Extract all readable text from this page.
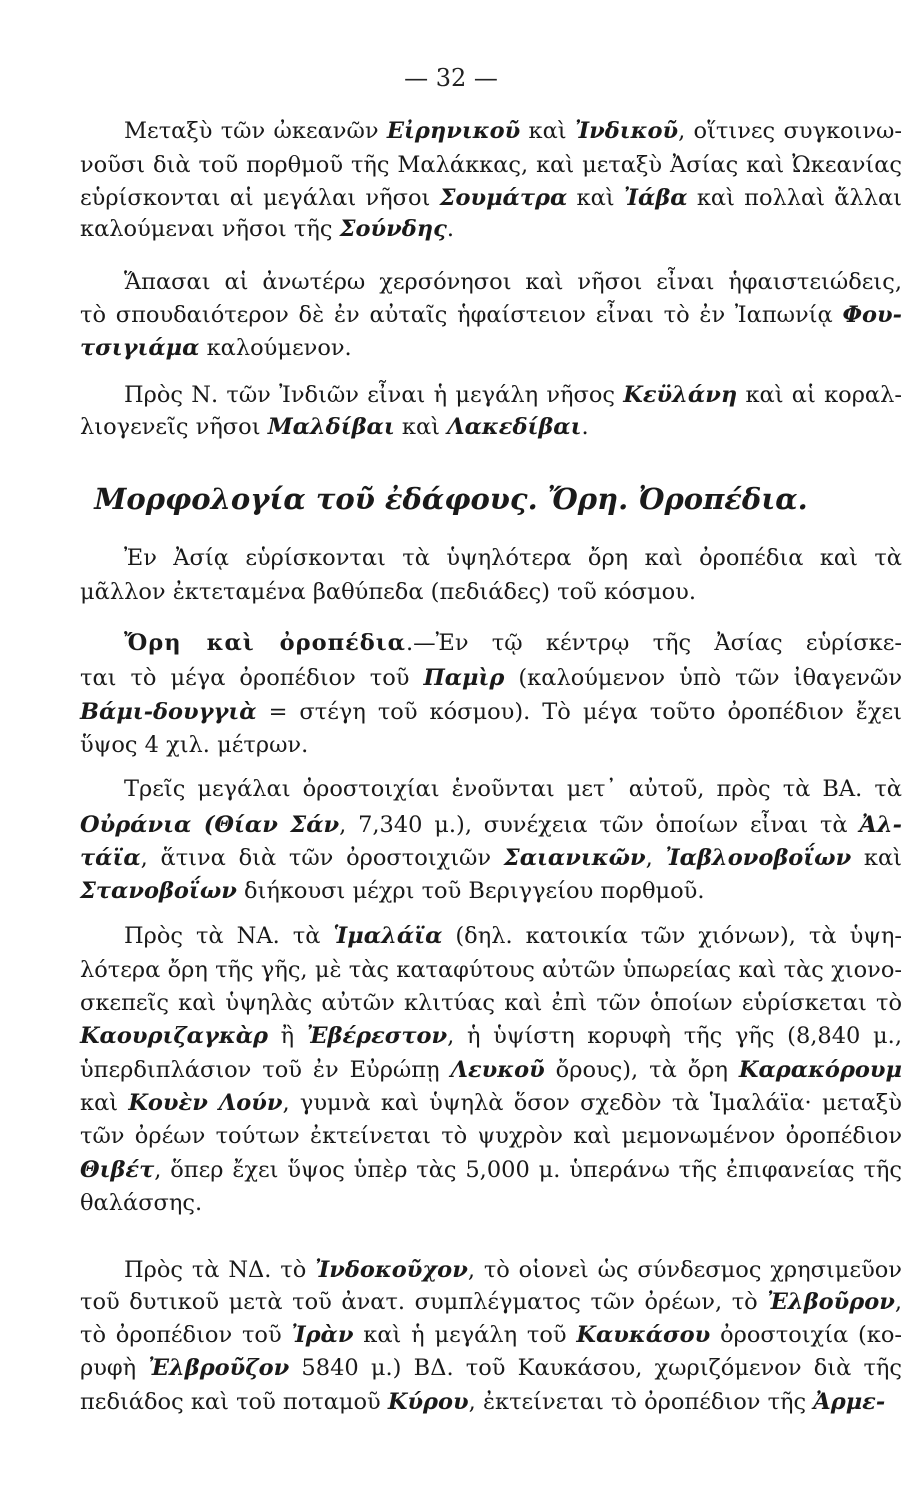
— 32 —
Μορφολογία τοῦ ἐδάφους. Ὄρη. Ὀροπέδια.
Μεταξὺ τῶν ὠκεανῶν Εἰρηνικοῦ καὶ Ἰνδικοῦ, οἵτινες συγκοινω-
νοῦσι διὰ τοῦ πορθμοῦ τῆς Μαλάκκας, καὶ μεταξὺ Ἀσίας καὶ Ὠκεανίας
εὑρίσκονται αἱ μεγάλαι νῆσοι Σουμάτρα καὶ Ἰάβα καὶ πολλαὶ ἄλλαι
καλούμεναι νῆσοι τῆς Σούνδης.
Ἅπασαι αἱ ἀνωτέρω χερσόνησοι καὶ νῆσοι εἶναι ἡφαιστειώδεις,
τὸ σπουδαιότερον δὲ ἐν αὐταῖς ἡφαίστειον εἶναι τὸ ἐν Ἰαπωνίᾳ Φου-
τσιγιάμα καλούμενον.
Πρὸς Ν. τῶν Ἰνδιῶν εἶναι ἡ μεγάλη νῆσος Κεϋλάνη καὶ αἱ κοραλ-
λιογενεῖς νῆσοι Μαλδίβαι καὶ Λακεδίβαι.
Ἐν Ἀσίᾳ εὑρίσκονται τὰ ὑψηλότερα ὄρη καὶ ὀροπέδια καὶ τὰ
μᾶλλον ἐκτεταμένα βαθύπεδα (πεδιάδες) τοῦ κόσμου.
Ὄρη καὶ ὀροπέδια.—Ἐν τῷ κέντρῳ τῆς Ἀσίας εὑρίσκε-
ται τὸ μέγα ὀροπέδιον τοῦ Παμὶρ (καλούμενον ὑπὸ τῶν ἰθαγενῶν
Βάμι-δουγγιὰ = στέγη τοῦ κόσμου). Τὸ μέγα τοῦτο ὀροπέδιον ἔχει
ὕψος 4 χιλ. μέτρων.
Τρεῖς μεγάλαι ὀροστοιχίαι ἑνοῦνται μετ᾽ αὐτοῦ, πρὸς τὰ ΒΑ. τὰ
Οὐράνια (Θίαν Σάν, 7,340 μ.), συνέχεια τῶν ὁποίων εἶναι τὰ Ἀλ-
τάϊα, ἅτινα διὰ τῶν ὀροστοιχιῶν Σαιανικῶν, Ἰαβλονοβοΐων καὶ
Στανοβοΐων διήκουσι μέχρι τοῦ Βεριγγείου πορθμοῦ.
Πρὸς τὰ ΝΑ. τὰ Ἱμαλάϊα (δηλ. κατοικία τῶν χιόνων), τὰ ὑψη-
λότερα ὄρη τῆς γῆς, μὲ τὰς καταφύτους αὐτῶν ὑπωρείας καὶ τὰς χιονο-
σκεπεῖς καὶ ὑψηλὰς αὐτῶν κλιτύας καὶ ἐπὶ τῶν ὁποίων εὑρίσκεται τὸ
Καουριζαγκὰρ ἢ Ἐβέρεστον, ἡ ὑψίστη κορυφὴ τῆς γῆς (8,840 μ.,
ὑπερδιπλάσιον τοῦ ἐν Εὐρώπῃ Λευκοῦ ὄρους), τὰ ὄρη Καρακόρουμ
καὶ Κουὲν Λούν, γυμνὰ καὶ ὑψηλὰ ὅσον σχεδὸν τὰ Ἱμαλάϊα· μεταξὺ
τῶν ὀρέων τούτων ἐκτείνεται τὸ ψυχρὸν καὶ μεμονωμένον ὀροπέδιον
Θιβέτ, ὅπερ ἔχει ὕψος ὑπὲρ τὰς 5,000 μ. ὑπεράνω τῆς ἐπιφανείας τῆς
θαλάσσης.
Πρὸς τὰ ΝΔ. τὸ Ἰνδοκοῦχον, τὸ οἱονεὶ ὡς σύνδεσμος χρησιμεῦον
τοῦ δυτικοῦ μετὰ τοῦ ἀνατ. συμπλέγματος τῶν ὀρέων, τὸ Ἐλβοῦρον,
τὸ ὀροπέδιον τοῦ Ἰρὰν καὶ ἡ μεγάλη τοῦ Καυκάσου ὀροστοιχία (κο-
ρυφὴ Ἐλβροῦζον 5840 μ.) ΒΔ. τοῦ Καυκάσου, χωριζόμενον διὰ τῆς
πεδιάδος καὶ τοῦ ποταμοῦ Κύρου, ἐκτείνεται τὸ ὀροπέδιον τῆς Ἀρμε-
